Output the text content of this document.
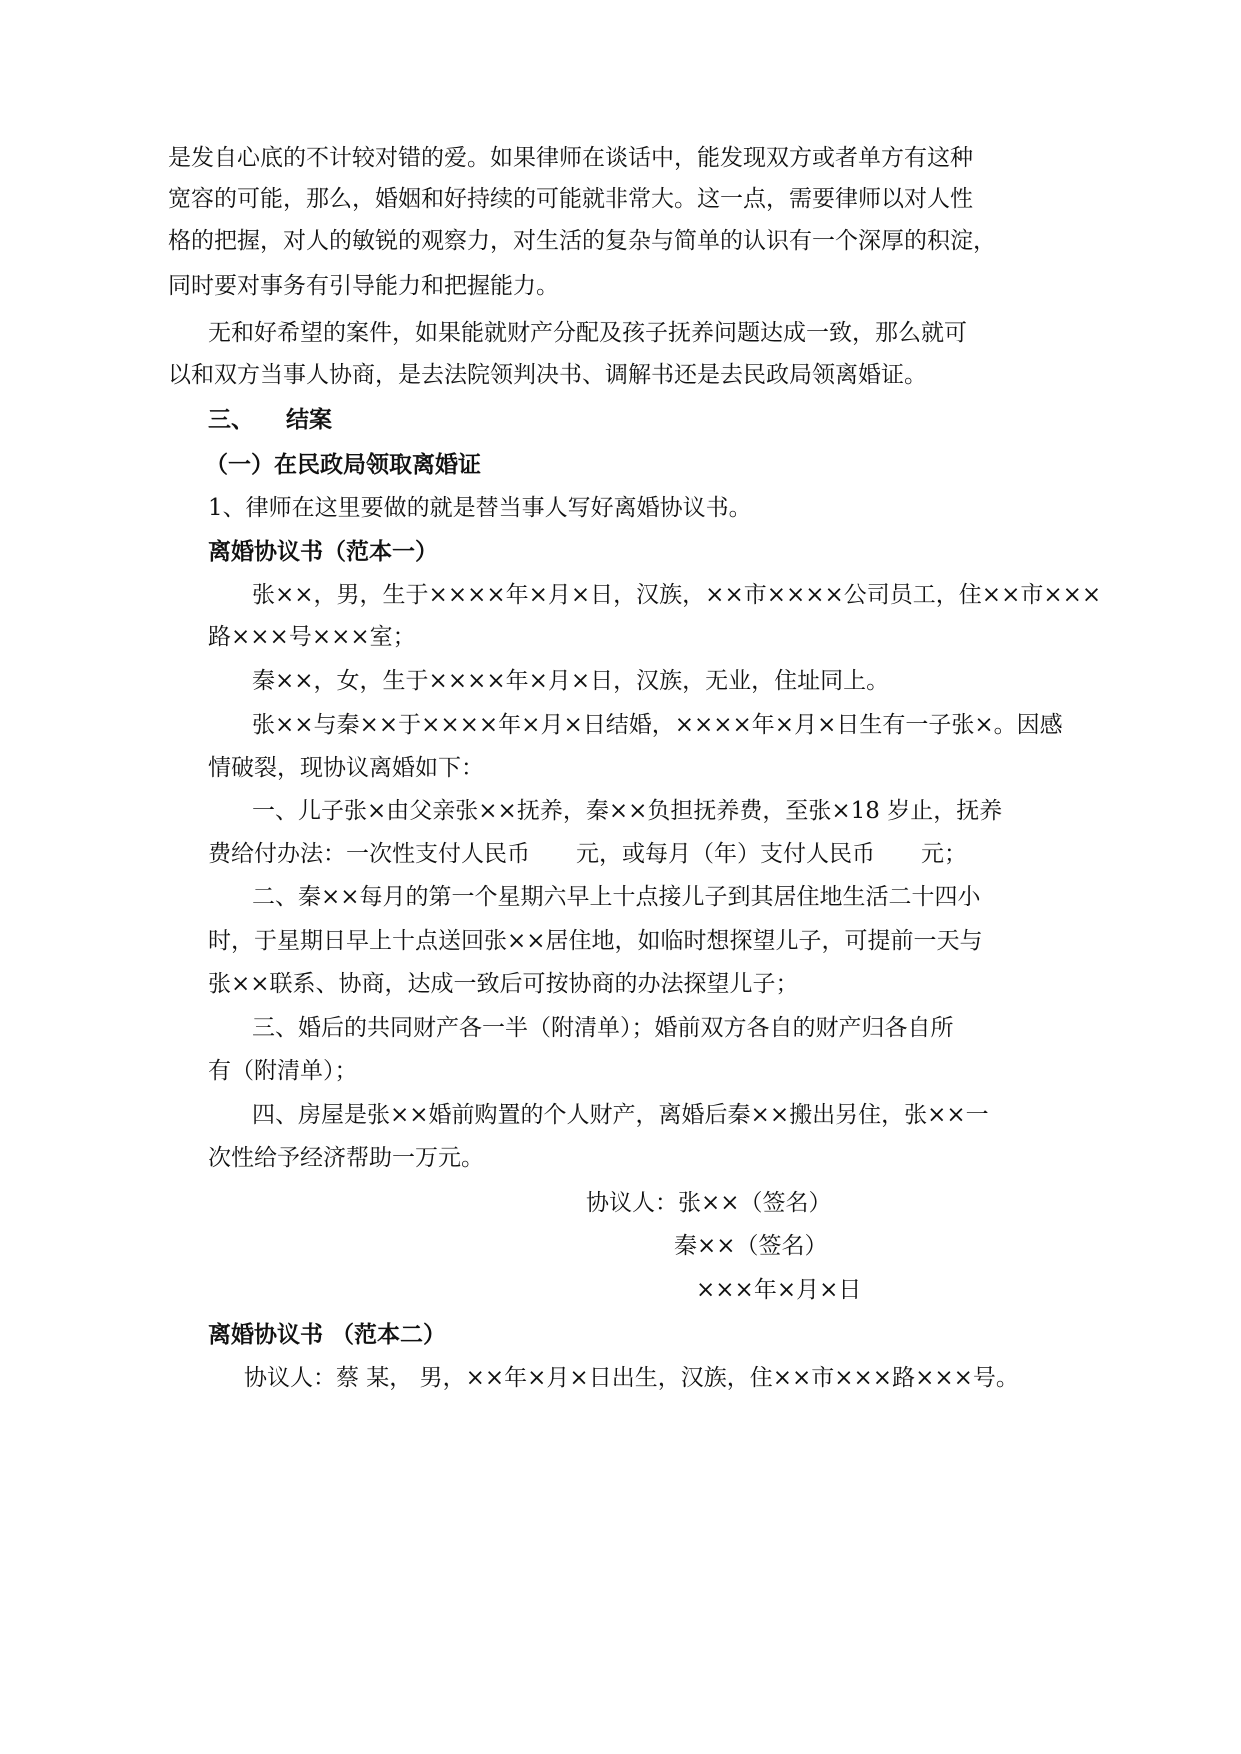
是发自心底的不计较对错的爱。如果律师在谈话中，能发现双方或者单方有这种
宽容的可能，那么，婚姻和好持续的可能就非常大。这一点，需要律师以对人性
格的把握，对人的敏锐的观察力，对生活的复杂与简单的认识有一个深厚的积淀，
同时要对事务有引导能力和把握能力。
无和好希望的案件，如果能就财产分配及孩子抚养问题达成一致，那么就可
以和双方当事人协商，是去法院领判决书、调解书还是去民政局领离婚证。
三、 结案
（一）在民政局领取离婚证
1、律师在这里要做的就是替当事人写好离婚协议书。
离婚协议书（范本一）
张××，男，生于××××年×月×日，汉族，××市××××公司员工，住××市×××
路×××号×××室；
秦××，女，生于××××年×月×日，汉族，无业，住址同上。
张××与秦××于××××年×月×日结婚，××××年×月×日生有一子张×。因感
情破裂，现协议离婚如下：
一、儿子张×由父亲张××抚养，秦××负担抚养费，至张×18 岁止，抚养
费给付办法：一次性支付人民币　　元，或每月（年）支付人民币　　元；
二、秦××每月的第一个星期六早上十点接儿子到其居住地生活二十四小
时，于星期日早上十点送回张××居住地，如临时想探望儿子，可提前一天与
张××联系、协商，达成一致后可按协商的办法探望儿子；
三、婚后的共同财产各一半（附清单）；婚前双方各自的财产归各自所
有（附清单）；
四、房屋是张××婚前购置的个人财产，离婚后秦××搬出另住，张××一
次性给予经济帮助一万元。
协议人：张××（签名）
秦××（签名）
×××年×月×日
离婚协议书 （范本二）
协议人：蔡 某， 男，××年×月×日出生，汉族，住××市×××路×××号。
